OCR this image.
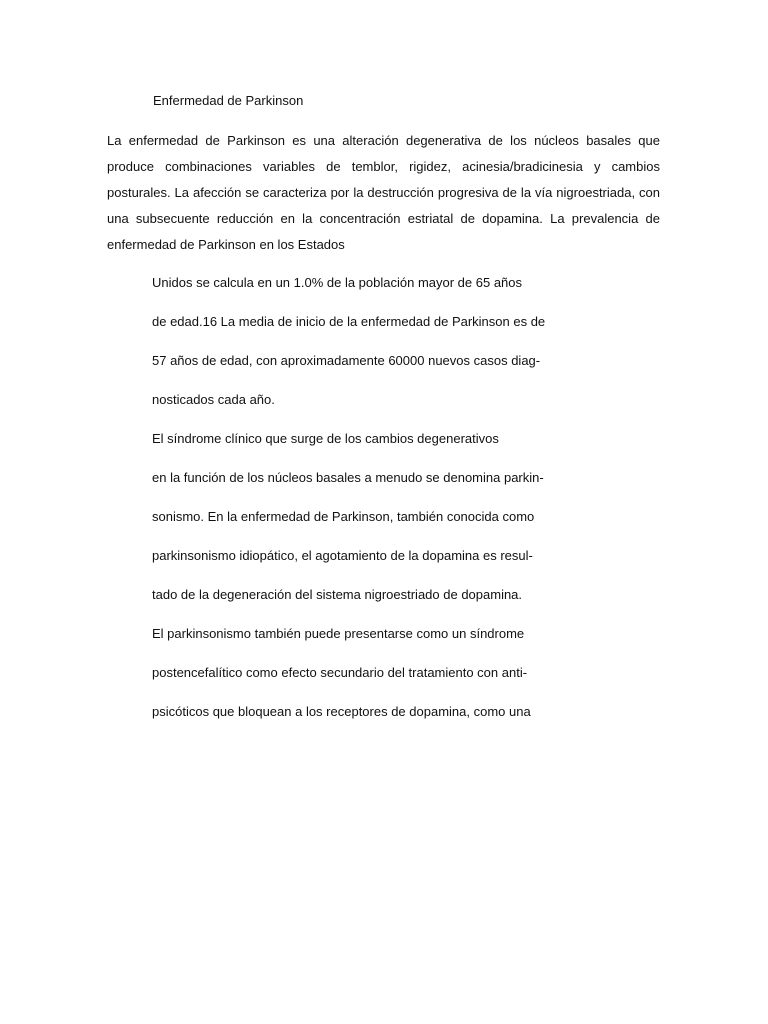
Enfermedad de Parkinson

La enfermedad de Parkinson es una alteración degenerativa de los núcleos basales que produce combinaciones variables de temblor, rigidez, acinesia/bradicinesia y cambios posturales. La afección se caracteriza por la destrucción progresiva de la vía nigroestriada, con una subsecuente reducción en la concentración estriatal de dopamina. La prevalencia de enfermedad de Parkinson en los Estados

Unidos se calcula en un 1.0% de la población mayor de 65 años
de edad.16 La media de inicio de la enfermedad de Parkinson es de
57 años de edad, con aproximadamente 60000 nuevos casos diag-
nosticados cada año.
El síndrome clínico que surge de los cambios degenerativos
en la función de los núcleos basales a menudo se denomina parkin-
sonismo. En la enfermedad de Parkinson, también conocida como
parkinsonismo idiopático, el agotamiento de la dopamina es resul-
tado de la degeneración del sistema nigroestriado de dopamina.
El parkinsonismo también puede presentarse como un síndrome
postencefalítico como efecto secundario del tratamiento con anti-
psicóticos que bloquean a los receptores de dopamina, como una
